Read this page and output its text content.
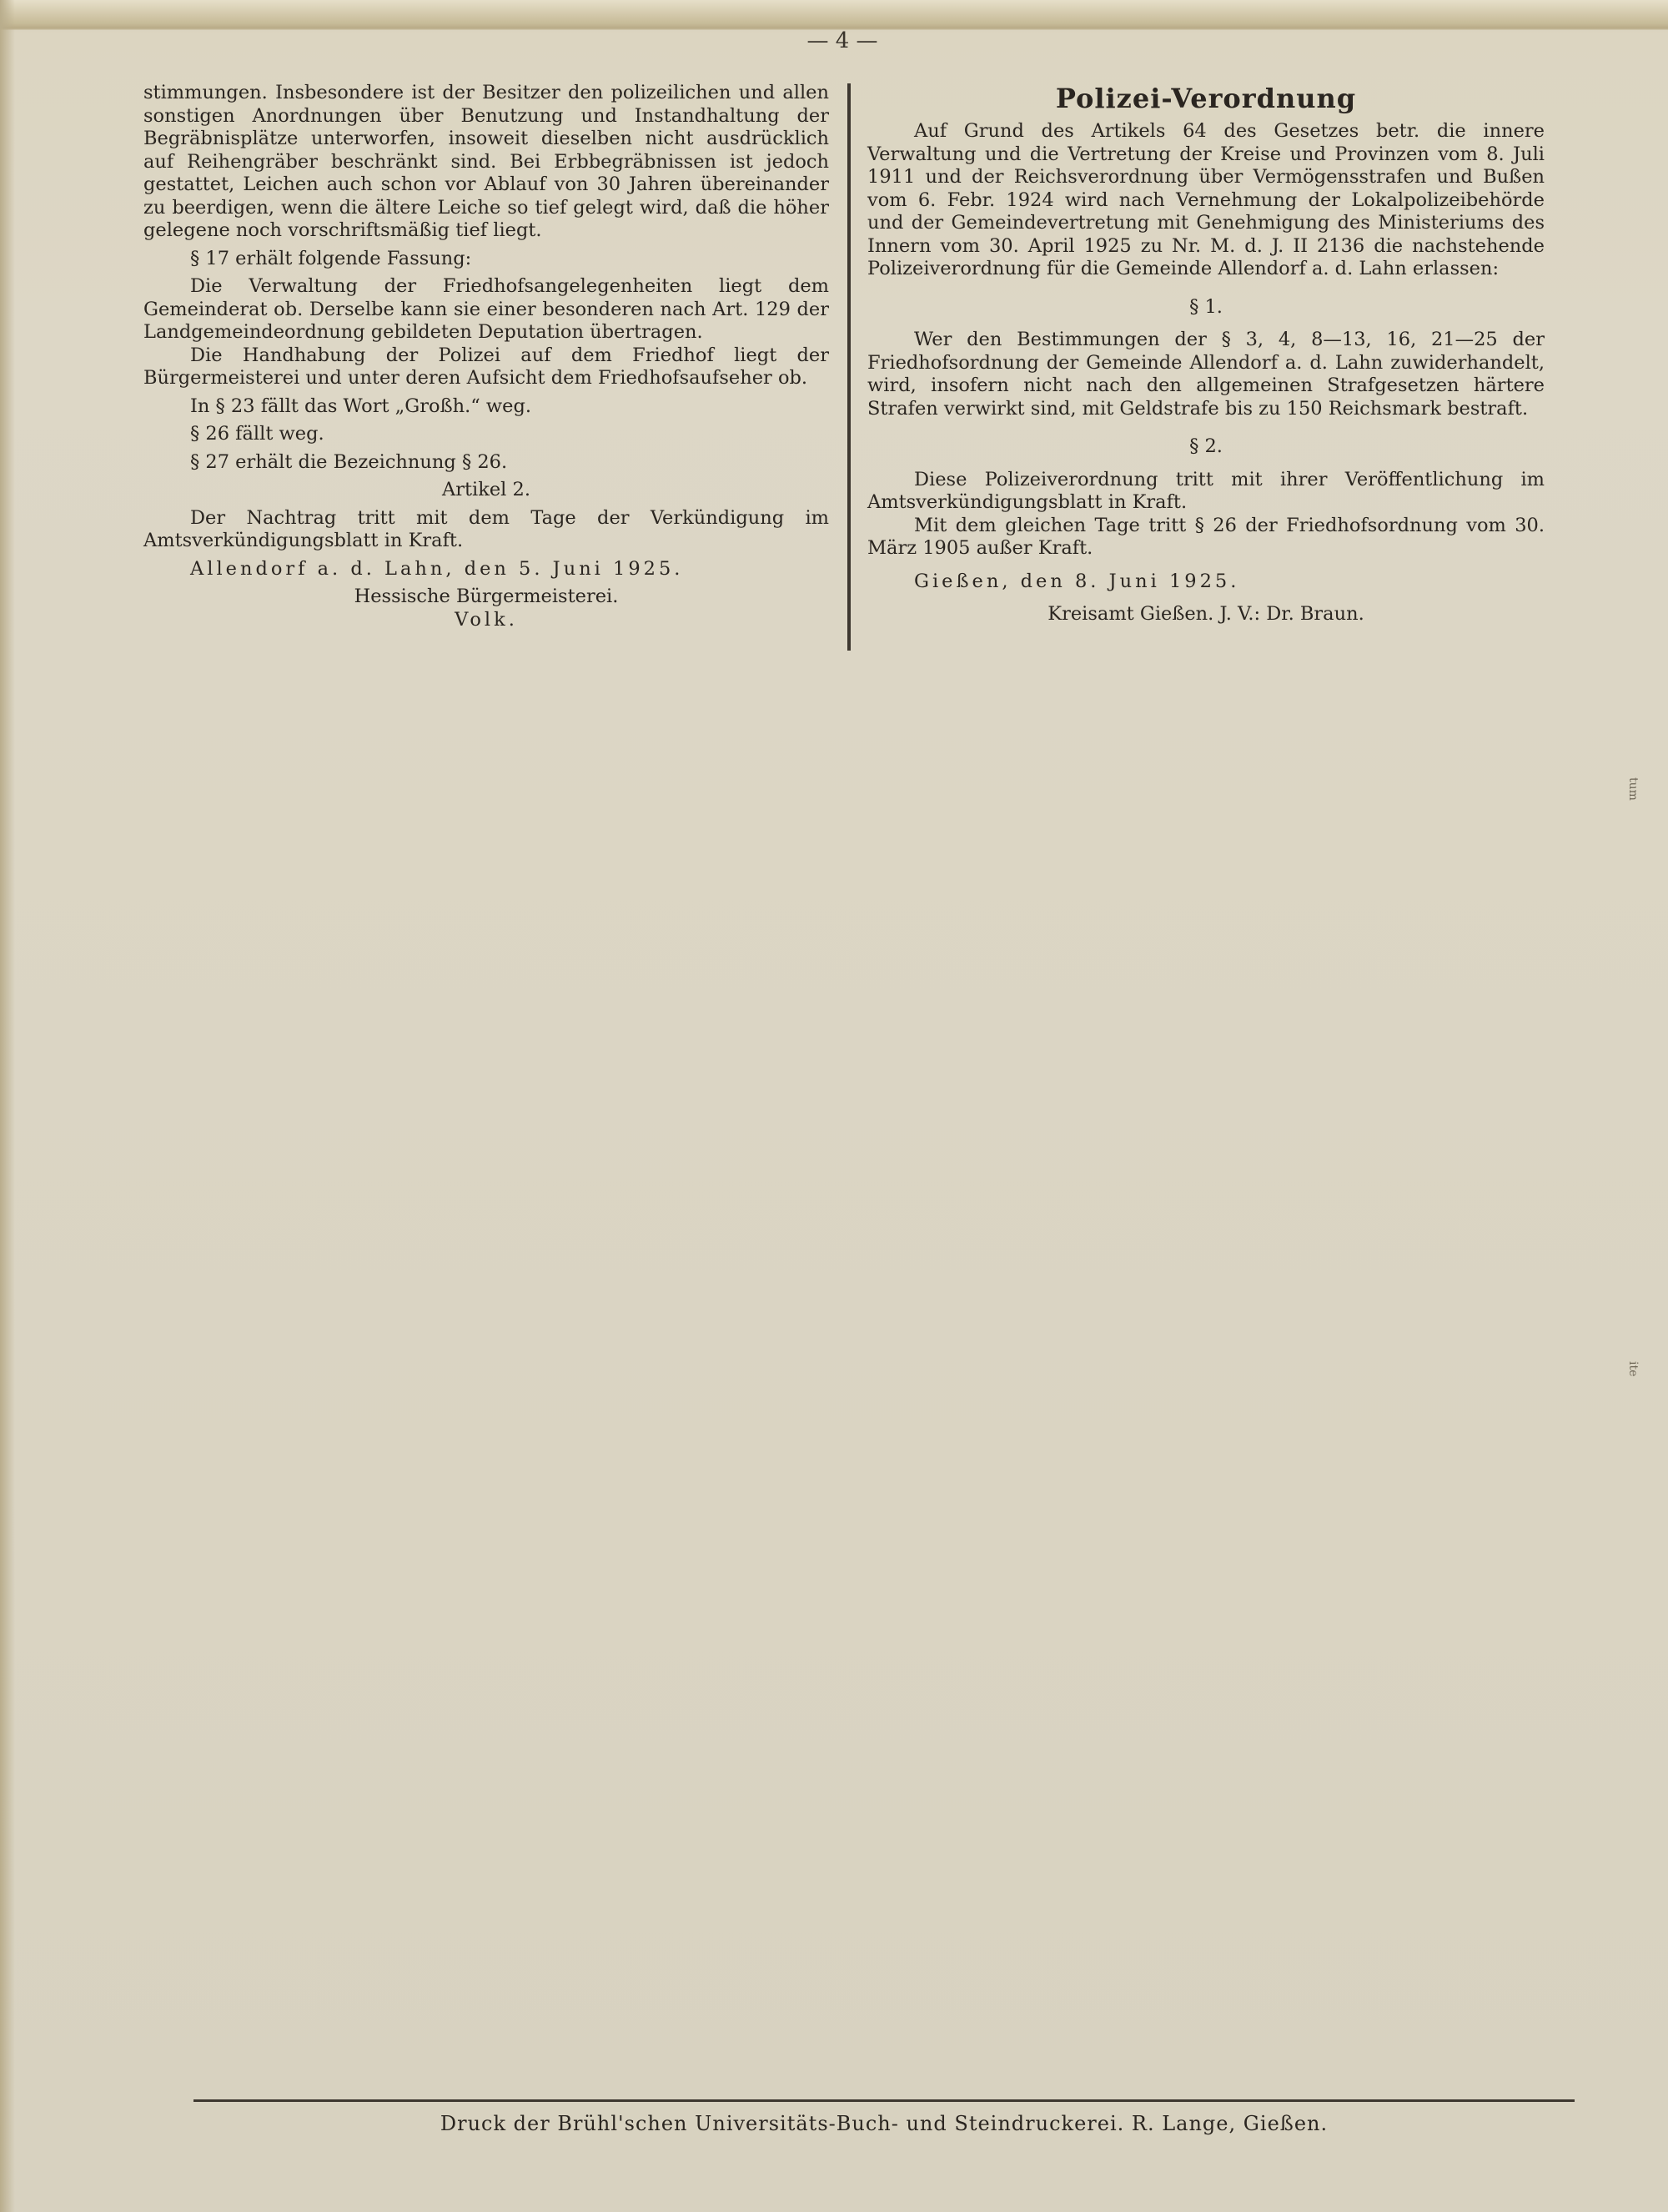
— 4 —

stimmungen. Insbesondere ist der Besitzer den polizeilichen und allen sonstigen Anordnungen über Benutzung und Instandhaltung der Begräbnisplätze unterworfen, insoweit dieselben nicht ausdrücklich auf Reihengräber beschränkt sind. Bei Erbbegräbnissen ist jedoch gestattet, Leichen auch schon vor Ablauf von 30 Jahren übereinander zu beerdigen, wenn die ältere Leiche so tief gelegt wird, daß die höher gelegene noch vorschriftsmäßig tief liegt.

§ 17 erhält folgende Fassung:

Die Verwaltung der Friedhofsangelegenheiten liegt dem Gemeinderat ob. Derselbe kann sie einer besonderen nach Art. 129 der Landgemeindeordnung gebildeten Deputation übertragen.

Die Handhabung der Polizei auf dem Friedhof liegt der Bürgermeisterei und unter deren Aufsicht dem Friedhofsaufseher ob.

In § 23 fällt das Wort „Großh.“ weg.

§ 26 fällt weg.

§ 27 erhält die Bezeichnung § 26.

Artikel 2.

Der Nachtrag tritt mit dem Tage der Verkündigung im Amtsverkündigungsblatt in Kraft.

Allendorf a. d. Lahn, den 5. Juni 1925.

Hessische Bürgermeisterei.

Volk.

Polizei-Verordnung

Auf Grund des Artikels 64 des Gesetzes betr. die innere Verwaltung und die Vertretung der Kreise und Provinzen vom 8. Juli 1911 und der Reichsverordnung über Vermögensstrafen und Bußen vom 6. Febr. 1924 wird nach Vernehmung der Lokalpolizeibehörde und der Gemeindevertretung mit Genehmigung des Ministeriums des Innern vom 30. April 1925 zu Nr. M. d. J. II 2136 die nachstehende Polizeiverordnung für die Gemeinde Allendorf a. d. Lahn erlassen:

§ 1.

Wer den Bestimmungen der § 3, 4, 8—13, 16, 21—25 der Friedhofsordnung der Gemeinde Allendorf a. d. Lahn zuwiderhandelt, wird, insofern nicht nach den allgemeinen Strafgesetzen härtere Strafen verwirkt sind, mit Geldstrafe bis zu 150 Reichsmark bestraft.

§ 2.

Diese Polizeiverordnung tritt mit ihrer Veröffentlichung im Amtsverkündigungsblatt in Kraft.

Mit dem gleichen Tage tritt § 26 der Friedhofsordnung vom 30. März 1905 außer Kraft.

Gießen, den 8. Juni 1925.

Kreisamt Gießen. J. V.: Dr. Braun.

tum
ite
Druck der Brühl'schen Universitäts-Buch- und Steindruckerei. R. Lange, Gießen.
